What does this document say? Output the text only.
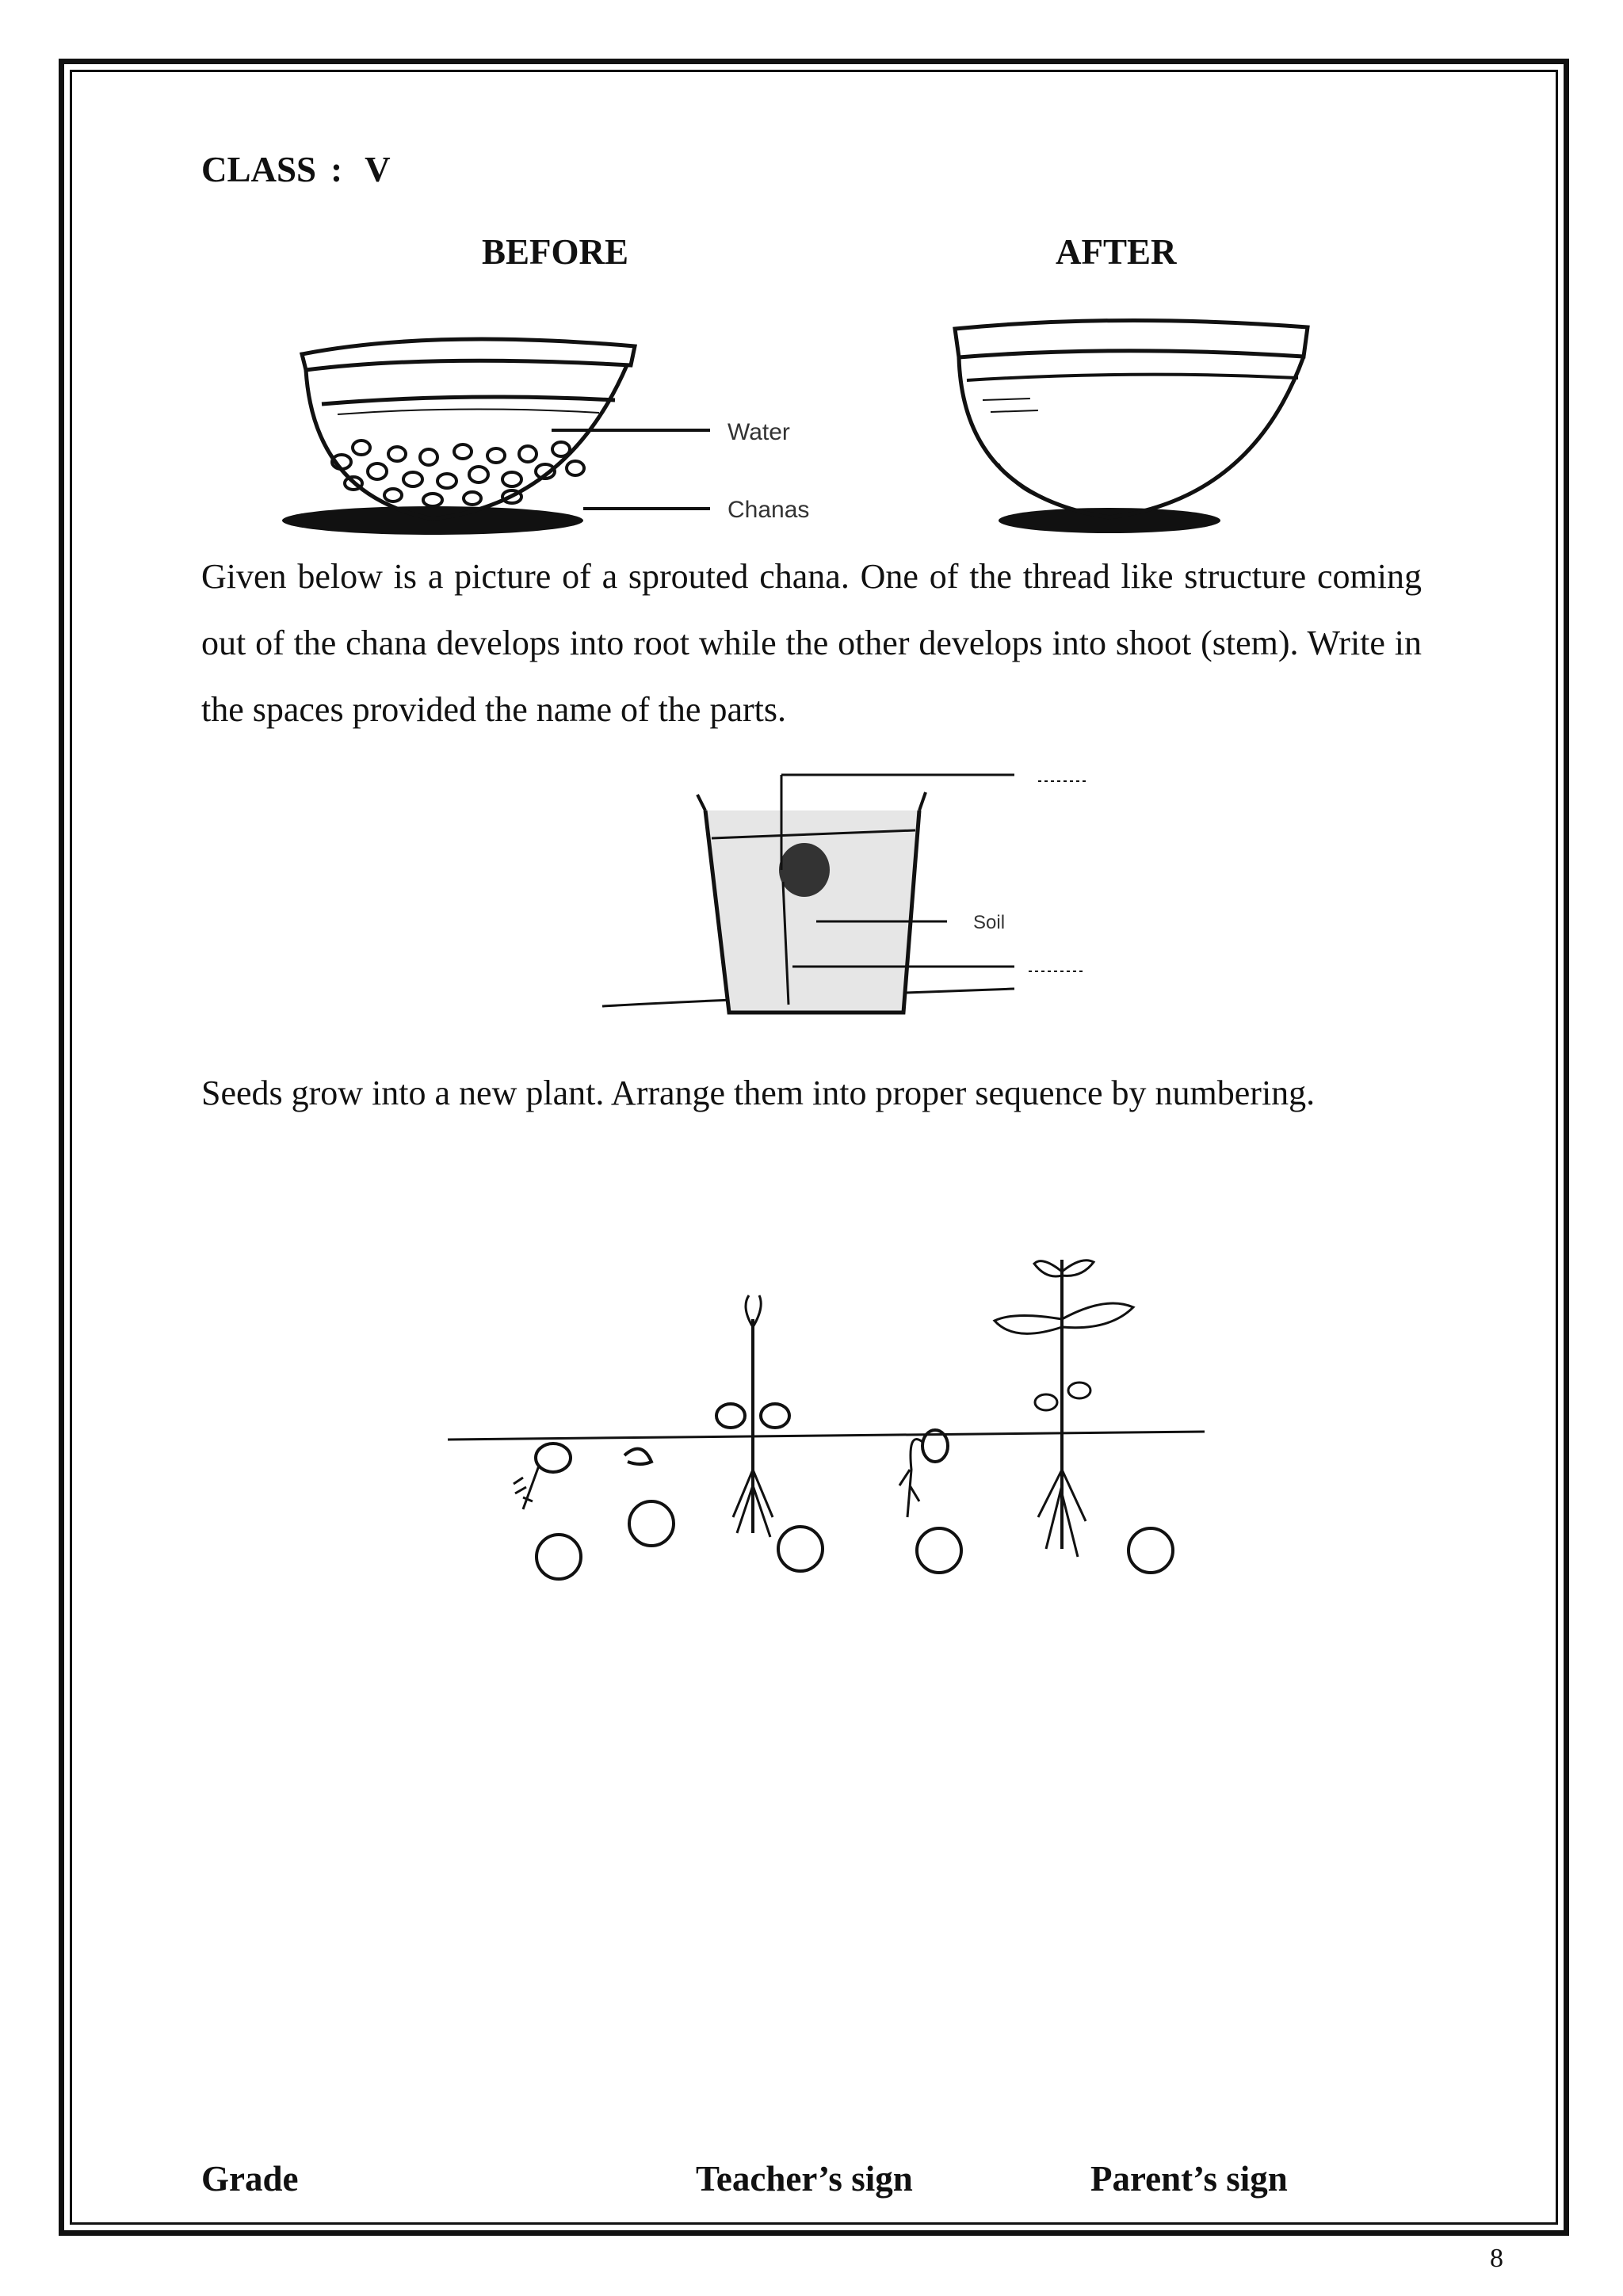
CLASS : V
BEFORE	AFTER
Water
Chanas
Given below is a picture of a sprouted chana. One of the thread like structure coming out of the chana develops into root while the other develops into shoot (stem). Write in the spaces provided the name of the parts.
Soil
Seeds grow into a new plant. Arrange them into proper sequence by numbering.
Grade	Teacher’s sign	Parent’s sign
8
